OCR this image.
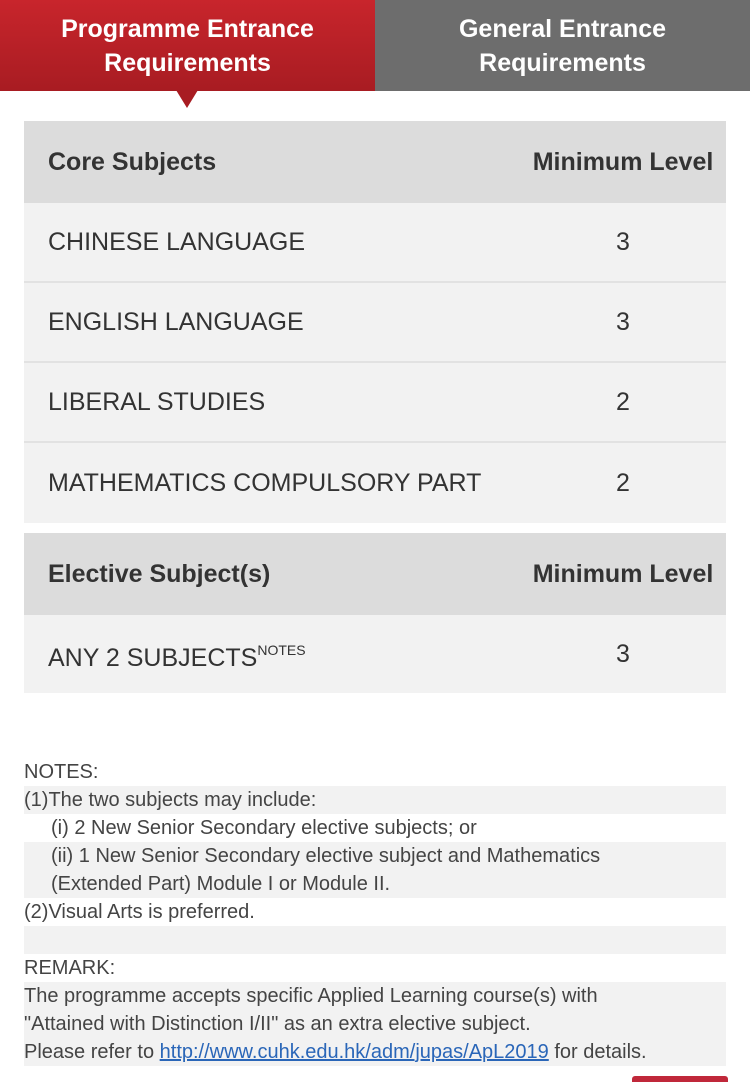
Programme Entrance Requirements
General Entrance Requirements
Core Subjects	Minimum Level
CHINESE LANGUAGE	3
ENGLISH LANGUAGE	3
LIBERAL STUDIES	2
MATHEMATICS COMPULSORY PART	2
Elective Subject(s)	Minimum Level
ANY 2 $SUBJECTS^{NOTES}$	3
NOTES:
(1)The two subjects may include:
(i) 2 New Senior Secondary elective subjects; or
(ii) 1 New Senior Secondary elective subject and Mathematics
(Extended Part) Module I or Module II.
(2)Visual Arts is preferred.
REMARK:
The programme accepts specific Applied Learning course(s) with
"Attained with Distinction I/II" as an extra elective subject.
Please refer to http://www.cuhk.edu.hk/adm/jupas/ApL2019 for details.
